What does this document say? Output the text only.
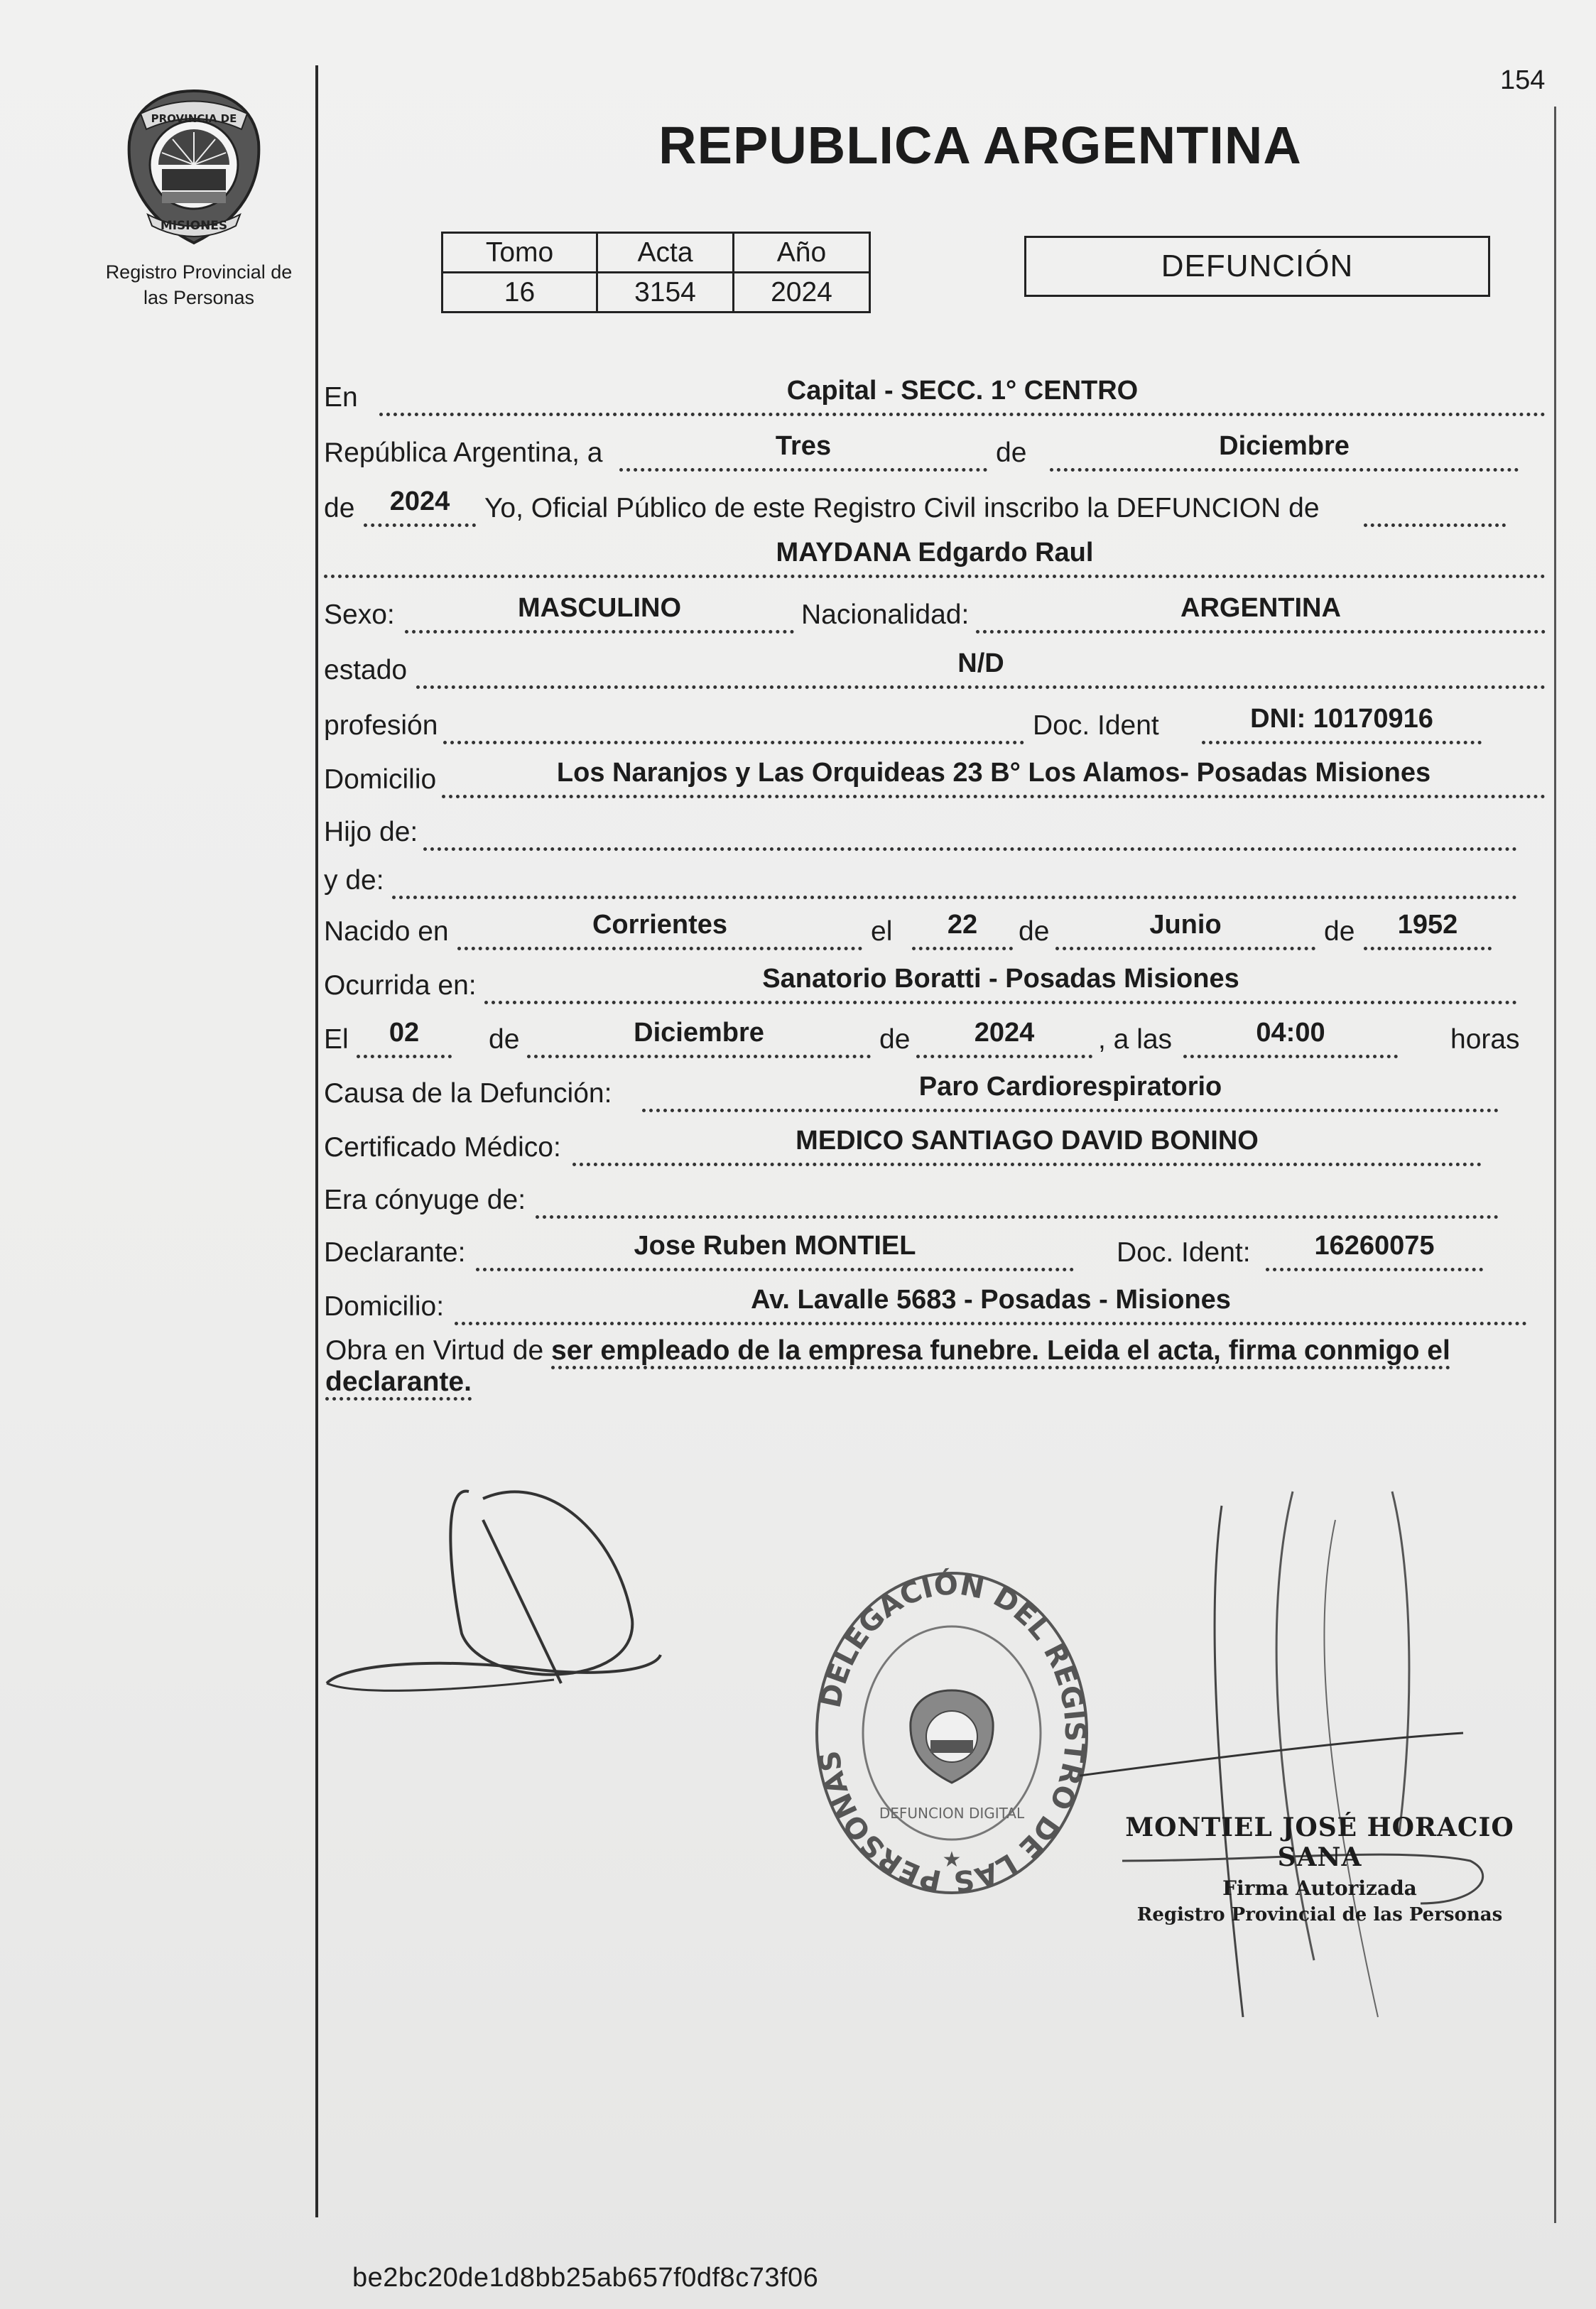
154
PROVINCIA DE
MISIONES
Registro Provincial de
las Personas
REPUBLICA ARGENTINA
Tomo	Acta	Año
16	3154	2024
DEFUNCIÓN
En	Capital - SECC. 1° CENTRO
República Argentina, a	Tres	de	Diciembre
de	2024	Yo, Oficial Público de este Registro Civil inscribo la DEFUNCION de
MAYDANA Edgardo Raul
Sexo:	MASCULINO	Nacionalidad:	ARGENTINA
estado	N/D
profesión	Doc. Ident	DNI: 10170916
Domicilio	Los Naranjos y Las Orquideas 23 B° Los Alamos- Posadas Misiones
Hijo de:
y de:
Nacido en	Corrientes	el	22	de	Junio	de	1952
Ocurrida en:	Sanatorio Boratti - Posadas Misiones
El	02	de	Diciembre	de	2024	, a las	04:00	horas
Causa de la Defunción:	Paro Cardiorespiratorio
Certificado Médico:	MEDICO SANTIAGO DAVID BONINO
Era cónyuge de:
Declarante:	Jose Ruben MONTIEL	Doc. Ident:	16260075
Domicilio:	Av. Lavalle 5683 - Posadas - Misiones
Obra en Virtud de ser empleado de la empresa funebre. Leida el acta, firma conmigo el declarante.
DELEGACIÓN DEL REGISTRO DE LAS PERSONAS
DEFUNCION DIGITAL
★
MONTIEL JOSÉ HORACIO SANA
Firma Autorizada
Registro Provincial de las Personas
be2bc20de1d8bb25ab657f0df8c73f06
